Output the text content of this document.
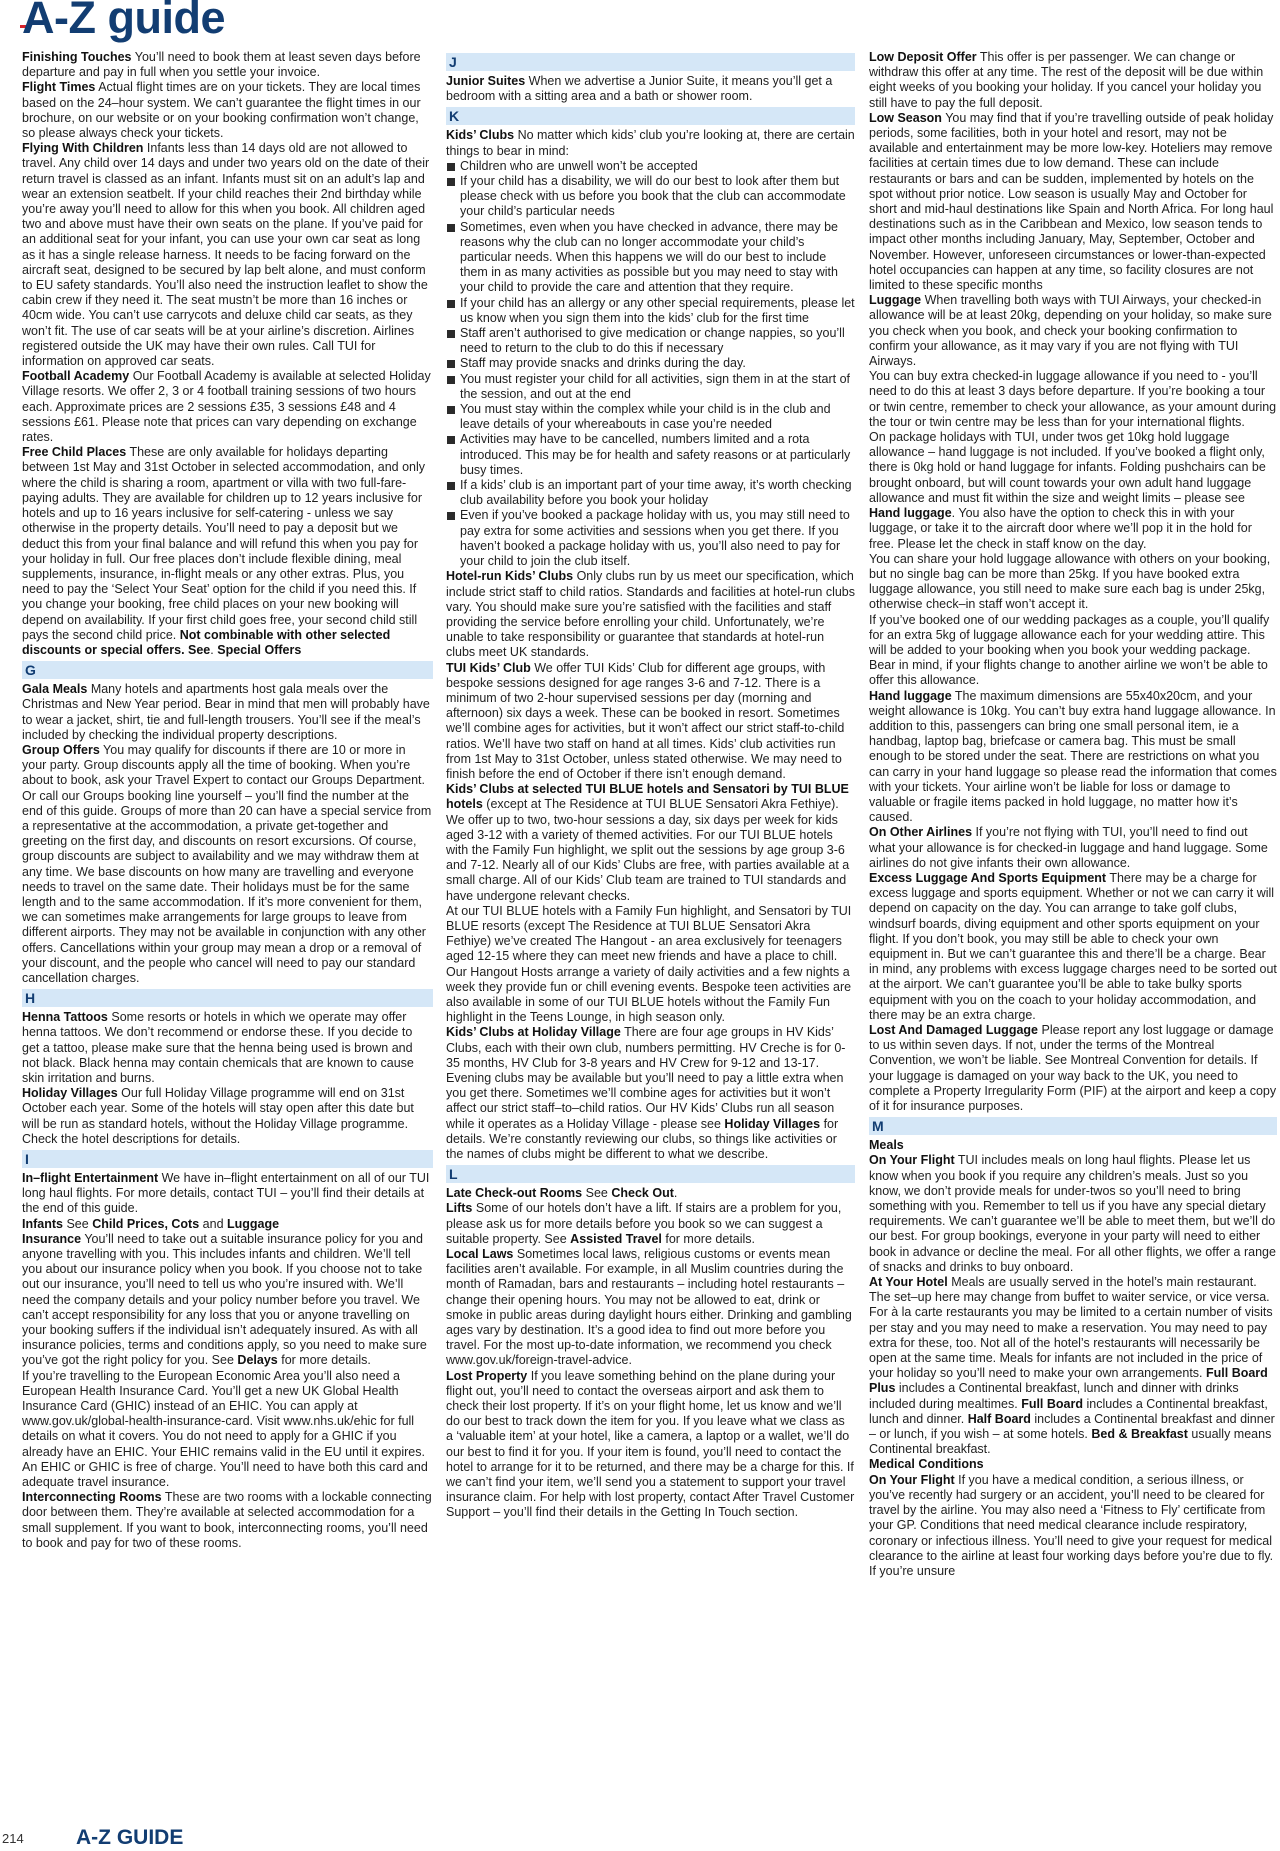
A-Z guide

Finishing Touches You’ll need to book them at least seven days before departure and pay in full when you settle your invoice.

Flight Times Actual flight times are on your tickets. They are local times based on the 24–hour system. We can’t guarantee the flight times in our brochure, on our website or on your booking confirmation won’t change, so please always check your tickets.

Flying With Children Infants less than 14 days old are not allowed to travel. Any child over 14 days and under two years old on the date of their return travel is classed as an infant. Infants must sit on an adult’s lap and wear an extension seatbelt. If your child reaches their 2nd birthday while you’re away you’ll need to allow for this when you book. All children aged two and above must have their own seats on the plane. If you’ve paid for an additional seat for your infant, you can use your own car seat as long as it has a single release harness. It needs to be facing forward on the aircraft seat, designed to be secured by lap belt alone, and must conform to EU safety standards. You’ll also need the instruction leaflet to show the cabin crew if they need it. The seat mustn’t be more than 16 inches or 40cm wide. You can’t use carrycots and deluxe child car seats, as they won’t fit. The use of car seats will be at your airline’s discretion. Airlines registered outside the UK may have their own rules. Call TUI for information on approved car seats.

Football Academy Our Football Academy is available at selected Holiday Village resorts. We offer 2, 3 or 4 football training sessions of two hours each. Approximate prices are 2 sessions £35, 3 sessions £48 and 4 sessions £61. Please note that prices can vary depending on exchange rates.

Free Child Places These are only available for holidays departing between 1st May and 31st October in selected accommodation, and only where the child is sharing a room, apartment or villa with two full-fare-paying adults. They are available for children up to 12 years inclusive for hotels and up to 16 years inclusive for self-catering - unless we say otherwise in the property details. You’ll need to pay a deposit but we deduct this from your final balance and will refund this when you pay for your holiday in full. Our free places don’t include flexible dining, meal supplements, insurance, in-flight meals or any other extras. Plus, you need to pay the ‘Select Your Seat’ option for the child if you need this. If you change your booking, free child places on your new booking will depend on availability. If your first child goes free, your second child still pays the second child price. Not combinable with other selected discounts or special offers. See. Special Offers

G

Gala Meals Many hotels and apartments host gala meals over the Christmas and New Year period. Bear in mind that men will probably have to wear a jacket, shirt, tie and full-length trousers. You’ll see if the meal’s included by checking the individual property descriptions.

Group Offers You may qualify for discounts if there are 10 or more in your party. Group discounts apply all the time of booking. When you’re about to book, ask your Travel Expert to contact our Groups Department. Or call our Groups booking line yourself – you’ll find the number at the end of this guide. Groups of more than 20 can have a special service from a representative at the accommodation, a private get-together and greeting on the first day, and discounts on resort excursions. Of course, group discounts are subject to availability and we may withdraw them at any time. We base discounts on how many are travelling and everyone needs to travel on the same date. Their holidays must be for the same length and to the same accommodation. If it’s more convenient for them, we can sometimes make arrangements for large groups to leave from different airports. They may not be available in conjunction with any other offers. Cancellations within your group may mean a drop or a removal of your discount, and the people who cancel will need to pay our standard cancellation charges.

H

Henna Tattoos Some resorts or hotels in which we operate may offer henna tattoos. We don’t recommend or endorse these. If you decide to get a tattoo, please make sure that the henna being used is brown and not black. Black henna may contain chemicals that are known to cause skin irritation and burns.

Holiday Villages Our full Holiday Village programme will end on 31st October each year. Some of the hotels will stay open after this date but will be run as standard hotels, without the Holiday Village programme. Check the hotel descriptions for details.

I

In–flight Entertainment We have in–flight entertainment on all of our TUI long haul flights. For more details, contact TUI – you’ll find their details at the end of this guide.

Infants See Child Prices, Cots and Luggage

Insurance You’ll need to take out a suitable insurance policy for you and anyone travelling with you. This includes infants and children. We’ll tell you about our insurance policy when you book. If you choose not to take out our insurance, you’ll need to tell us who you’re insured with. We’ll need the company details and your policy number before you travel. We can’t accept responsibility for any loss that you or anyone travelling on your booking suffers if the individual isn’t adequately insured. As with all insurance policies, terms and conditions apply, so you need to make sure you’ve got the right policy for you. See Delays for more details.

If you’re travelling to the European Economic Area you’ll also need a European Health Insurance Card. You’ll get a new UK Global Health Insurance Card (GHIC) instead of an EHIC. You can apply at www.gov.uk/global-health-insurance-card. Visit www.nhs.uk/ehic for full details on what it covers. You do not need to apply for a GHIC if you already have an EHIC. Your EHIC remains valid in the EU until it expires. An EHIC or GHIC is free of charge. You’ll need to have both this card and adequate travel insurance.

Interconnecting Rooms These are two rooms with a lockable connecting door between them. They’re available at selected accommodation for a small supplement. If you want to book, interconnecting rooms, you’ll need to book and pay for two of these rooms.

J

Junior Suites When we advertise a Junior Suite, it means you’ll get a bedroom with a sitting area and a bath or shower room.

K

Kids’ Clubs No matter which kids’ club you’re looking at, there are certain things to bear in mind:

Children who are unwell won’t be accepted
If your child has a disability, we will do our best to look after them but please check with us before you book that the club can accommodate your child’s particular needs
Sometimes, even when you have checked in advance, there may be reasons why the club can no longer accommodate your child’s particular needs. When this happens we will do our best to include them in as many activities as possible but you may need to stay with your child to provide the care and attention that they require.
If your child has an allergy or any other special requirements, please let us know when you sign them into the kids’ club for the first time
Staff aren’t authorised to give medication or change nappies, so you’ll need to return to the club to do this if necessary
Staff may provide snacks and drinks during the day.
You must register your child for all activities, sign them in at the start of the session, and out at the end
You must stay within the complex while your child is in the club and leave details of your whereabouts in case you’re needed
Activities may have to be cancelled, numbers limited and a rota introduced. This may be for health and safety reasons or at particularly busy times.
If a kids’ club is an important part of your time away, it’s worth checking club availability before you book your holiday
Even if you’ve booked a package holiday with us, you may still need to pay extra for some activities and sessions when you get there. If you haven’t booked a package holiday with us, you’ll also need to pay for your child to join the club itself.

Hotel-run Kids’ Clubs Only clubs run by us meet our specification, which include strict staff to child ratios. Standards and facilities at hotel-run clubs vary. You should make sure you’re satisfied with the facilities and staff providing the service before enrolling your child. Unfortunately, we’re unable to take responsibility or guarantee that standards at hotel-run clubs meet UK standards.

TUI Kids’ Club We offer TUI Kids’ Club for different age groups, with bespoke sessions designed for age ranges 3-6 and 7-12. There is a minimum of two 2-hour supervised sessions per day (morning and afternoon) six days a week. These can be booked in resort. Sometimes we’ll combine ages for activities, but it won’t affect our strict staff-to-child ratios. We’ll have two staff on hand at all times. Kids’ club activities run from 1st May to 31st October, unless stated otherwise. We may need to finish before the end of October if there isn’t enough demand.

Kids’ Clubs at selected TUI BLUE hotels and Sensatori by TUI BLUE hotels (except at The Residence at TUI BLUE Sensatori Akra Fethiye). We offer up to two, two-hour sessions a day, six days per week for kids aged 3-12 with a variety of themed activities. For our TUI BLUE hotels with the Family Fun highlight, we split out the sessions by age group 3-6 and 7-12. Nearly all of our Kids’ Clubs are free, with parties available at a small charge. All of our Kids’ Club team are trained to TUI standards and have undergone relevant checks.

At our TUI BLUE hotels with a Family Fun highlight, and Sensatori by TUI BLUE resorts (except The Residence at TUI BLUE Sensatori Akra Fethiye) we’ve created The Hangout - an area exclusively for teenagers aged 12-15 where they can meet new friends and have a place to chill. Our Hangout Hosts arrange a variety of daily activities and a few nights a week they provide fun or chill evening events. Bespoke teen activities are also available in some of our TUI BLUE hotels without the Family Fun highlight in the Teens Lounge, in high season only.

Kids’ Clubs at Holiday Village There are four age groups in HV Kids’ Clubs, each with their own club, numbers permitting. HV Creche is for 0-35 months, HV Club for 3-8 years and HV Crew for 9-12 and 13-17. Evening clubs may be available but you’ll need to pay a little extra when you get there. Sometimes we’ll combine ages for activities but it won’t affect our strict staff–to–child ratios. Our HV Kids’ Clubs run all season while it operates as a Holiday Village - please see Holiday Villages for details. We’re constantly reviewing our clubs, so things like activities or the names of clubs might be different to what we describe.

L

Late Check-out Rooms See Check Out.

Lifts Some of our hotels don’t have a lift. If stairs are a problem for you, please ask us for more details before you book so we can suggest a suitable property. See Assisted Travel for more details.

Local Laws Sometimes local laws, religious customs or events mean facilities aren’t available. For example, in all Muslim countries during the month of Ramadan, bars and restaurants – including hotel restaurants – change their opening hours. You may not be allowed to eat, drink or smoke in public areas during daylight hours either. Drinking and gambling ages vary by destination. It’s a good idea to find out more before you travel. For the most up-to-date information, we recommend you check www.gov.uk/foreign-travel-advice.

Lost Property If you leave something behind on the plane during your flight out, you’ll need to contact the overseas airport and ask them to check their lost property. If it’s on your flight home, let us know and we’ll do our best to track down the item for you. If you leave what we class as a ‘valuable item’ at your hotel, like a camera, a laptop or a wallet, we’ll do our best to find it for you. If your item is found, you’ll need to contact the hotel to arrange for it to be returned, and there may be a charge for this. If we can’t find your item, we’ll send you a statement to support your travel insurance claim. For help with lost property, contact After Travel Customer Support – you’ll find their details in the Getting In Touch section.

Low Deposit Offer This offer is per passenger. We can change or withdraw this offer at any time. The rest of the deposit will be due within eight weeks of you booking your holiday. If you cancel your holiday you still have to pay the full deposit.

Low Season You may find that if you’re travelling outside of peak holiday periods, some facilities, both in your hotel and resort, may not be available and entertainment may be more low-key. Hoteliers may remove facilities at certain times due to low demand. These can include restaurants or bars and can be sudden, implemented by hotels on the spot without prior notice. Low season is usually May and October for short and mid-haul destinations like Spain and North Africa. For long haul destinations such as in the Caribbean and Mexico, low season tends to impact other months including January, May, September, October and November. However, unforeseen circumstances or lower-than-expected hotel occupancies can happen at any time, so facility closures are not limited to these specific months

Luggage When travelling both ways with TUI Airways, your checked-in allowance will be at least 20kg, depending on your holiday, so make sure you check when you book, and check your booking confirmation to confirm your allowance, as it may vary if you are not flying with TUI Airways.

You can buy extra checked-in luggage allowance if you need to - you’ll need to do this at least 3 days before departure. If you’re booking a tour or twin centre, remember to check your allowance, as your amount during the tour or twin centre may be less than for your international flights.

On package holidays with TUI, under twos get 10kg hold luggage allowance – hand luggage is not included. If you’ve booked a flight only, there is 0kg hold or hand luggage for infants. Folding pushchairs can be brought onboard, but will count towards your own adult hand luggage allowance and must fit within the size and weight limits – please see Hand luggage. You also have the option to check this in with your luggage, or take it to the aircraft door where we’ll pop it in the hold for free. Please let the check in staff know on the day.

You can share your hold luggage allowance with others on your booking, but no single bag can be more than 25kg. If you have booked extra luggage allowance, you still need to make sure each bag is under 25kg, otherwise check–in staff won’t accept it.

If you’ve booked one of our wedding packages as a couple, you’ll qualify for an extra 5kg of luggage allowance each for your wedding attire. This will be added to your booking when you book your wedding package. Bear in mind, if your flights change to another airline we won’t be able to offer this allowance.

Hand luggage The maximum dimensions are 55x40x20cm, and your weight allowance is 10kg. You can’t buy extra hand luggage allowance. In addition to this, passengers can bring one small personal item, ie a handbag, laptop bag, briefcase or camera bag. This must be small enough to be stored under the seat. There are restrictions on what you can carry in your hand luggage so please read the information that comes with your tickets. Your airline won’t be liable for loss or damage to valuable or fragile items packed in hold luggage, no matter how it’s caused.

On Other Airlines If you’re not flying with TUI, you’ll need to find out what your allowance is for checked-in luggage and hand luggage. Some airlines do not give infants their own allowance.

Excess Luggage And Sports Equipment There may be a charge for excess luggage and sports equipment. Whether or not we can carry it will depend on capacity on the day. You can arrange to take golf clubs, windsurf boards, diving equipment and other sports equipment on your flight. If you don’t book, you may still be able to check your own equipment in. But we can’t guarantee this and there’ll be a charge. Bear in mind, any problems with excess luggage charges need to be sorted out at the airport. We can’t guarantee you’ll be able to take bulky sports equipment with you on the coach to your holiday accommodation, and there may be an extra charge.

Lost And Damaged Luggage Please report any lost luggage or damage to us within seven days. If not, under the terms of the Montreal Convention, we won’t be liable. See Montreal Convention for details. If your luggage is damaged on your way back to the UK, you need to complete a Property Irregularity Form (PIF) at the airport and keep a copy of it for insurance purposes.

M
Meals

On Your Flight TUI includes meals on long haul flights. Please let us know when you book if you require any children’s meals. Just so you know, we don’t provide meals for under-twos so you’ll need to bring something with you. Remember to tell us if you have any special dietary requirements. We can’t guarantee we’ll be able to meet them, but we’ll do our best. For group bookings, everyone in your party will need to either book in advance or decline the meal. For all other flights, we offer a range of snacks and drinks to buy onboard.

At Your Hotel Meals are usually served in the hotel’s main restaurant. The set–up here may change from buffet to waiter service, or vice versa. For à la carte restaurants you may be limited to a certain number of visits per stay and you may need to make a reservation. You may need to pay extra for these, too. Not all of the hotel’s restaurants will necessarily be open at the same time. Meals for infants are not included in the price of your holiday so you’ll need to make your own arrangements. Full Board Plus includes a Continental breakfast, lunch and dinner with drinks included during mealtimes. Full Board includes a Continental breakfast, lunch and dinner. Half Board includes a Continental breakfast and dinner – or lunch, if you wish – at some hotels. Bed & Breakfast usually means Continental breakfast.

Medical Conditions

On Your Flight If you have a medical condition, a serious illness, or you’ve recently had surgery or an accident, you’ll need to be cleared for travel by the airline. You may also need a ‘Fitness to Fly’ certificate from your GP. Conditions that need medical clearance include respiratory, coronary or infectious illness. You’ll need to give your request for medical clearance to the airline at least four working days before you’re due to fly. If you’re unsure

214 A-Z GUIDE
